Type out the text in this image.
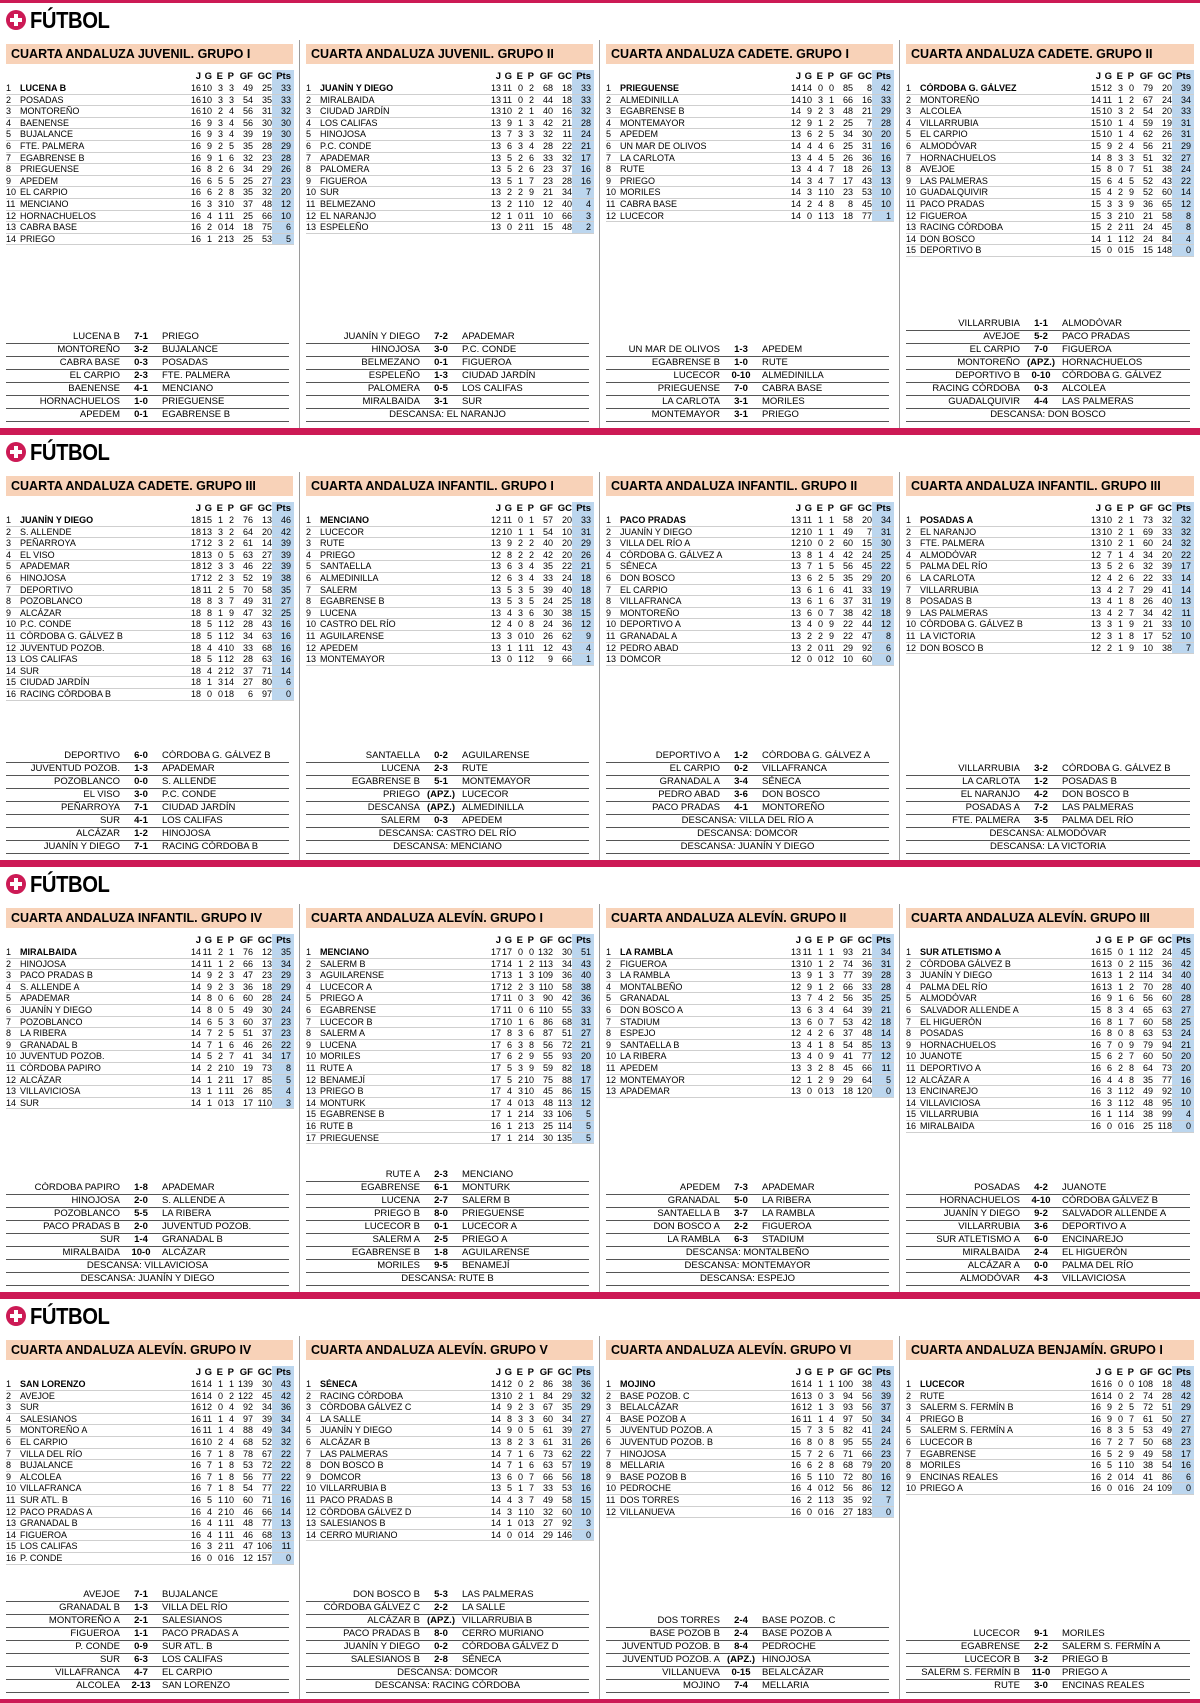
FÚTBOL
CUARTA ANDALUZA JUVENIL. GRUPO I
J G E P GF GC Pts
1 LUCENA B	16 10 3 3 49 25 33
2 POSADAS	16 10 3 3 54 35 33
3 MONTOREÑO	16 10 2 4 56 31 32
4 BAENENSE	16 9 3 4 56 30 30
5 BUJALANCE	16 9 3 4 39 19 30
6 FTE. PALMERA	16 9 2 5 35 28 29
7 EGABRENSE B	16 9 1 6 32 23 28
8 PRIEGUENSE	16 8 2 6 34 29 26
9 APEDEM	16 6 5 5 25 27 23
10 EL CARPIO	16 6 2 8 35 32 20
11 MENCIANO	16 3 3 10 37 48 12
12 HORNACHUELOS	16 4 1 11 25 66 10
13 CABRA BASE	16 2 0 14 18 75	6
14 PRIEGO	16 1 2 13 25 53	5
LUCENA B	7-1	PRIEGO
MONTOREÑO	3-2	BUJALANCE
CABRA BASE	0-3	POSADAS
EL CARPIO	2-3	FTE. PALMERA
BAENENSE	4-1	MENCIANO
HORNACHUELOS	1-0	PRIEGUENSE
APEDEM	0-1	EGABRENSE B
CUARTA ANDALUZA JUVENIL. GRUPO II
J G E P GF GC Pts
1 JUANÍN Y DIEGO	13 11 0 2 68 18 33
2 MIRALBAIDA	13 11 0 2 44 18 33
3 CIUDAD JARDÍN	13 10 2 1 40 16 32
4 LOS CALIFAS	13 9 1 3 42 21 28
5 HINOJOSA	13 7 3 3 32	11 24
6 P.C. CONDE	13 6 3 4 28 22 21
7 APADEMAR	13 5 2 6 33 32 17
8 PALOMERA	13 5 2 6 23 37 16
9 FIGUEROA	13 5 1 7 23 28 16
10 SUR	13 2 2 9 21 34	7
11 BELMEZANO	13 2 1 10 12 40	4
12 EL NARANJO	12 1 0 11 10 66	3
13 ESPELEÑO	13 0 2 11 15 48	2
JUANÍN Y DIEGO	7-2	APADEMAR
HINOJOSA	3-0	P.C. CONDE
BELMEZANO	0-1	FIGUEROA
ESPELEÑO	1-3	CIUDAD JARDÍN
PALOMERA	0-5	LOS CALIFAS
MIRALBAIDA	3-1	SUR
DESCANSA: EL NARANJO
CUARTA ANDALUZA CADETE. GRUPO I
J G E P GF GC Pts
1 PRIEGUENSE	14 14 0 0 85	8 42
2 ALMEDINILLA	14 10 3 1 66 16 33
3 EGABRENSE B	14 9 2 3 48 21 29
4 MONTEMAYOR	12 9 1 2 25	7 28
5 APEDEM	13 6 2 5 34 30 20
6 UN MAR DE OLIVOS	14 4 4 6 25 31 16
7 LA CARLOTA	13 4 4 5 26 36 16
8 RUTE	13 4 4 7 18 26 13
9 PRIEGO	14 3 4 7 17 43 13
10 MORILES	14 3 1 10 23 53 10
11 CABRA BASE	14 2 4 8	8 45 10
12 LUCECOR	14 0 1 13 18 77	1
UN MAR DE OLIVOS	1-3	APEDEM
EGABRENSE B	1-0	RUTE
LUCECOR	0-10	ALMEDINILLA
PRIEGUENSE	7-0	CABRA BASE
LA CARLOTA	3-1	MORILES
MONTEMAYOR	3-1	PRIEGO
CUARTA ANDALUZA CADETE. GRUPO II
J G E P GF GC Pts
1 CÓRDOBA G. GÁLVEZ	15 12 3 0 79 20 39
2 MONTOREÑO	14 11 1 2 67 24 34
3 ALCOLEA	15 10 3 2 54 20 33
4 VILLARRUBIA	15 10 1 4 59 19 31
5 EL CARPIO	15 10 1 4 62 26 31
6 ALMODÓVAR	15 9 2 4 56 21 29
7 HORNACHUELOS	14 8 3 3 51 32 27
8 AVEJOE	15 8 0 7 51 38 24
9 LAS PALMERAS	15 6 4 5 52 43 22
10 GUADALQUIVIR	15 4 2 9 52 60 14
11 PACO PRADAS	15 3 3 9 36 65 12
12 FIGUEROA	15 3 2 10 21 58	8
13 RACING CÓRDOBA	15 2 2 11 24 45	8
14 DON BOSCO	14 1 1 12 24 84	4
15 DEPORTIVO B	15 0 0 15 15 148	0
VILLARRUBIA	1-1	ALMODÓVAR
AVEJOE	5-2	PACO PRADAS
EL CARPIO	7-0	FIGUEROA
MONTOREÑO (APZ.) HORNACHUELOS
DEPORTIVO B	0-10	CÓRDOBA G. GÁLVEZ
RACING CÓRDOBA	0-3	ALCOLEA
GUADALQUIVIR	4-4	LAS PALMERAS
DESCANSA: DON BOSCO
FÚTBOL
CUARTA ANDALUZA CADETE. GRUPO III
J G E P GF GC Pts
1 JUANÍN Y DIEGO	18 15 1 2 76 13 46
2 S. ALLENDE	18 13 3 2 64 20 42
3 PEÑARROYA	17 12 3 2 61 14 39
4 EL VISO	18 13 0 5 63 27 39
5 APADEMAR	18 12 3 3 46 22 39
6 HINOJOSA	17 12 2 3 52 19 38
7 DEPORTIVO	18 11 2 5 70 58 35
8 POZOBLANCO	18 8 3 7 49 31 27
9 ALCÁZAR	18 8 1 9 47 32 25
10 P.C. CONDE	18 5 1 12 28 43 16
11 CÓRDOBA G. GÁLVEZ B	18 5 1 12 34 63 16
12 JUVENTUD POZOB.	18 4 4 10 33 68 16
13 LOS CALIFAS	18 5 1 12 28 63 16
14 SUR	18 4 2 12 37 71 14
15 CIUDAD JARDÍN	18 1 3 14 27 80	6
16 RACING CÓRDOBA B	18 0 0 18	6 97	0
DEPORTIVO	6-0	CÓRDOBA G. GÁLVEZ B
JUVENTUD POZOB.	1-3	APADEMAR
POZOBLANCO	0-0	S. ALLENDE
EL VISO	3-0	P.C. CONDE
PEÑARROYA	7-1	CIUDAD JARDÍN
SUR	4-1	LOS CALIFAS
ALCÁZAR	1-2	HINOJOSA
JUANÍN Y DIEGO	7-1	RACING CÓRDOBA B
CUARTA ANDALUZA INFANTIL. GRUPO I
J G E P GF GC Pts
1 MENCIANO	12 11 0 1 57 20 33
2 LUCECOR	12 10 1 1 54 10 31
3 RUTE	13 9 2 2 40 20 29
4 PRIEGO	12 8 2 2 42 20 26
5 SANTAELLA	13 6 3 4 35 22 21
6 ALMEDINILLA	12 6 3 4 33 24 18
7 SALERM	13 5 3 5 39 40 18
8 EGABRENSE B	13 5 3 5 24 25 18
9 LUCENA	13 4 3 6 30 38 15
10 CASTRO DEL RÍO	12 4 0 8 24 36 12
11 AGUILARENSE	13 3 0 10 26 62	9
12 APEDEM	13 1 1 11 12 43	4
13 MONTEMAYOR	13 0 1 12	9 66	1
SANTAELLA	0-2	AGUILARENSE
LUCENA	2-3	RUTE
EGABRENSE B	5-1	MONTEMAYOR
PRIEGO (APZ.) LUCECOR
DESCANSA (APZ.) ALMEDINILLA
SALERM	0-3	APEDEM
DESCANSA: CASTRO DEL RÍO
DESCANSA: MENCIANO
CUARTA ANDALUZA INFANTIL. GRUPO II
J G E P GF GC Pts
1 PACO PRADAS	13 11 1 1 58 20 34
2 JUANÍN Y DIEGO	12 10 1 1 49	7 31
3 VILLA DEL RÍO A	12 10 0 2 60 15 30
4 CÓRDOBA G. GÁLVEZ A	13 8 1 4 42 24 25
5 SÉNECA	13 7 1 5 56 45 22
6 DON BOSCO	13 6 2 5 35 29 20
7 EL CARPIO	13 6 1 6 41 33 19
8 VILLAFRANCA	13 6 1 6 37 31 19
9 MONTOREÑO	13 6 0 7 38 42 18
10 DEPORTIVO A	13 4 0 9 22 44 12
11 GRANADAL A	13 2 2 9 22 47	8
12 PEDRO ABAD	13 2 0 11 29 92	6
13 DOMCOR	12 0 0 12 10 60	0
DEPORTIVO A	1-2	CÓRDOBA G. GÁLVEZ A
EL CARPIO	0-2	VILLAFRANCA
GRANADAL A	3-4	SÉNECA
PEDRO ABAD	3-6	DON BOSCO
PACO PRADAS	4-1	MONTOREÑO
DESCANSA: VILLA DEL RÍO A
DESCANSA: DOMCOR
DESCANSA: JUANÍN Y DIEGO
CUARTA ANDALUZA INFANTIL. GRUPO III
J G E P GF GC Pts
1 POSADAS A	13 10 2 1 73 32 32
2 EL NARANJO	13 10 2 1 69 33 32
3 FTE. PALMERA	13 10 2 1 60 24 32
4 ALMODÓVAR	12 7 1 4 34 20 22
5 PALMA DEL RÍO	13 5 2 6 32 39 17
6 LA CARLOTA	12 4 2 6 22 33 14
7 VILLARRUBIA	13 4 2 7 29 41 14
8 POSADAS B	13 4 1 8 26 40 13
9 LAS PALMERAS	13 4 2 7 34 42	11
10 CÓRDOBA G. GÁLVEZ B	13 3 1 9 21 33 10
11 LA VICTORIA	12 3 1 8 17 52 10
12 DON BOSCO B	12 2 1 9 10 38	7
VILLARRUBIA	3-2	CÓRDOBA G. GÁLVEZ B
LA CARLOTA	1-2	POSADAS B
EL NARANJO	4-2	DON BOSCO B
POSADAS A	7-2	LAS PALMERAS
FTE. PALMERA	3-5	PALMA DEL RÍO
DESCANSA: ALMODÓVAR
DESCANSA: LA VICTORIA
FÚTBOL
CUARTA ANDALUZA INFANTIL. GRUPO IV
J G E P GF GC Pts
1 MIRALBAIDA	14 11 2 1 76 12 35
2 HINOJOSA	14 11 1 2 66 13 34
3 PACO PRADAS B	14 9 2 3 47 23 29
4 S. ALLENDE A	14 9 2 3 36 18 29
5 APADEMAR	14 8 0 6 60 28 24
6 JUANÍN Y DIEGO	14 8 0 5 49 30 24
7 POZOBLANCO	14 6 5 3 60 37 23
8 LA RIBERA	14 7 2 5 51 37 23
9 GRANADAL B	14 7 1 6 46 26 22
10 JUVENTUD POZOB.	14 5 2 7 41 34 17
11 CÓRDOBA PAPIRO	14 2 2 10 19 73	8
12 ALCÁZAR	14 1 2 11 17 85	5
13 VILLAVICIOSA	13 1 1 11 26 85	4
14 SUR	14 1 0 13 17 110	3
CÓRDOBA PAPIRO	1-8	APADEMAR
HINOJOSA	2-0	S. ALLENDE A
POZOBLANCO	5-5	LA RIBERA
PACO PRADAS B	2-0	JUVENTUD POZOB.
SUR	1-4	GRANADAL B
MIRALBAIDA	10-0	ALCÁZAR
DESCANSA: VILLAVICIOSA
DESCANSA: JUANÍN Y DIEGO
CUARTA ANDALUZA ALEVÍN. GRUPO I
J G E P GF GC Pts
1 MENCIANO	17 17 0 0 132 30 51
2 SALERM B	17 14 1 2 113 34 43
3 AGUILARENSE	17 13 1 3 109 36 40
4 LUCECOR A	17 12 2 3 110 58 38
5 PRIEGO A	17 11 0 3 90 42 36
6 EGABRENSE	17 11 0 6 110 55 33
7 LUCECOR B	17 10 1 6 86 68 31
8 SALERM A	17 8 3 6 87 51 27
9 LUCENA	17 6 3 8 56 72 21
10 MORILES	17 6 2 9 55 93 20
11 RUTE A	17 5 3 9 59 82 18
12 BENAMEJÍ	17 5 2 10 75 88 17
13 PRIEGO B	17 4 3 10 45 86 15
14 MONTURK	17 4 0 13 48 113 12
15 EGABRENSE B	17 1 2 14 33 106	5
16 RUTE B	16 1 2 13 25 114	5
17 PRIEGUENSE	17 1 2 14 30 135	5
RUTE A	2-3	MENCIANO
EGABRENSE	6-1	MONTURK
LUCENA	2-7	SALERM B
PRIEGO B	8-0	PRIEGUENSE
LUCECOR B	0-1	LUCECOR A
SALERM A	2-5	PRIEGO A
EGABRENSE B	1-8	AGUILARENSE
MORILES	9-5	BENAMEJÍ
DESCANSA: RUTE B
CUARTA ANDALUZA ALEVÍN. GRUPO II
J G E P GF GC Pts
1 LA RAMBLA	13 11 1 1 93 21 34
2 FIGUEROA	13 10 1 2 74 36 31
3 LA RAMBLA	13 9 1 3 77 39 28
4 MONTALBEÑO	12 9 1 2 66 33 28
5 GRANADAL	13 7 4 2 56 35 25
6 DON BOSCO A	13 6 3 4 64 39 21
7 STADIUM	13 6 0 7 53 42 18
8 ESPEJO	12 4 2 6 37 48 14
9 SANTAELLA B	13 4 1 8 54 85 13
10 LA RIBERA	13 4 0 9 41 77 12
11 APEDEM	13 3 2 8 45 66	11
12 MONTEMAYOR	12 1 2 9 29 64	5
13 APADEMAR	13 0 0 13 18 120	0
APEDEM	7-3	APADEMAR
GRANADAL	5-0	LA RIBERA
SANTAELLA B	3-7	LA RAMBLA
DON BOSCO A	2-2	FIGUEROA
LA RAMBLA	6-3	STADIUM
DESCANSA: MONTALBEÑO
DESCANSA: MONTEMAYOR
DESCANSA: ESPEJO
CUARTA ANDALUZA ALEVÍN. GRUPO III
J G E P GF GC Pts
1 SUR ATLETISMO A	16 15 0 1 112 24 45
2 CÓRDOBA GÁLVEZ B	16 13 0 2 115 36 42
3 JUANÍN Y DIEGO	16 13 1 2 114 34 40
4 PALMA DEL RÍO	16 13 1 2 70 28 40
5 ALMODÓVAR	16 9 1 6 56 60 28
6 SALVADOR ALLENDE A	15 8 3 4 65 63 27
7 EL HIGUERÓN	16 8 1 7 60 58 25
8 POSADAS	16 8 0 8 63 53 24
9 HORNACHUELOS	16 7 0 9 79 94 21
10 JUANOTE	15 6 2 7 60 50 20
11 DEPORTIVO A	16 6 2 8 64 73 20
12 ALCÁZAR A	16 4 4 8 35 77 16
13 ENCINAREJO	16 3 1 12 49 92 10
14 VILLAVICIOSA	16 3 1 12 48 95 10
15 VILLARRUBIA	16 1 1 14 38 99	4
16 MIRALBAIDA	16 0 0 16 25 118	0
POSADAS	4-2	JUANOTE
HORNACHUELOS	4-10	CÓRDOBA GÁLVEZ B
JUANÍN Y DIEGO	9-2	SALVADOR ALLENDE A
VILLARRUBIA	3-6	DEPORTIVO A
SUR ATLETISMO A	6-0	ENCINAREJO
MIRALBAIDA	2-4	EL HIGUERÓN
ALCÁZAR A	0-0	PALMA DEL RÍO
ALMODÓVAR	4-3	VILLAVICIOSA
FÚTBOL
CUARTA ANDALUZA ALEVÍN. GRUPO IV
J G E P GF GC Pts
1 SAN LORENZO	16 14 1 1 139 30 43
2 AVEJOE	16 14 0 2 122 45 42
3 SUR	16 12 0 4 92 34 36
4 SALESIANOS	16 11 1 4 97 39 34
5 MONTOREÑO A	16 11 1 4 88 49 34
6 EL CARPIO	16 10 2 4 68 52 32
7 VILLA DEL RÍO	16 7 1 8 78 67 22
8 BUJALANCE	16 7 1 8 53 72 22
9 ALCOLEA	16 7 1 8 56 77 22
10 VILLAFRANCA	16 7 1 8 54 77 22
11 SUR ATL. B	16 5 1 10 60 71 16
12 PACO PRADAS A	16 4 2 10 46 66 14
13 GRANADAL B	16 4 1 11 48 77 13
14 FIGUEROA	16 4 1 11 46 68 13
15 LOS CALIFAS	16 3 2 11 47 106	11
16 P. CONDE	16 0 0 16 12 157	0
AVEJOE	7-1	BUJALANCE
GRANADAL B	1-3	VILLA DEL RÍO
MONTOREÑO A	2-1	SALESIANOS
FIGUEROA	1-1	PACO PRADAS A
P. CONDE	0-9	SUR ATL. B
SUR	6-3	LOS CALIFAS
VILLAFRANCA	4-7	EL CARPIO
ALCOLEA	2-13	SAN LORENZO
CUARTA ANDALUZA ALEVÍN. GRUPO V
J G E P GF GC Pts
1 SÉNECA	14 12 0 2 86 38 36
2 RACING CÓRDOBA	13 10 2 1 84 29 32
3 CÓRDOBA GÁLVEZ C	14 9 2 3 67 35 29
4 LA SALLE	14 8 3 3 60 34 27
5 JUANÍN Y DIEGO	14 9 0 5 61 39 27
6 ALCÁZAR B	13 8 2 3 61 31 26
7 LAS PALMERAS	14 7 1 6 73 62 22
8 DON BOSCO B	14 7 1 6 63 57 19
9 DOMCOR	13 6 0 7 66 56 18
10 VILLARRUBIA B	13 5 1 7 33 53 16
11 PACO PRADAS B	14 4 3 7 49 58 15
12 CÓRDOBA GÁLVEZ D	14 3 1 10 32 60 10
13 SALESIANOS B	14 1 0 13 27 92	3
14 CERRO MURIANO	14 0 0 14 29 146	0
DON BOSCO B	5-3	LAS PALMERAS
CÓRDOBA GÁLVEZ C	2-2	LA SALLE
ALCÁZAR B (APZ.) VILLARRUBIA B
PACO PRADAS B	8-0	CERRO MURIANO
JUANÍN Y DIEGO	0-2	CÓRDOBA GÁLVEZ D
SALESIANOS B	2-8	SÉNECA
DESCANSA: DOMCOR
DESCANSA: RACING CÓRDOBA
CUARTA ANDALUZA ALEVÍN. GRUPO VI
J G E P GF GC Pts
1 MOJINO	16 14 1 1 100 38 43
2 BASE POZOB. C	16 13 0 3 94 56 39
3 BELALCÁZAR	16 12 1 3 93 56 37
4 BASE POZOB A	16 11 1 4 97 50 34
5 JUVENTUD POZOB. A	15 7 3 5 82 41 24
6 JUVENTUD POZOB. B	16 8 0 8 95 55 24
7 HINOJOSA	15 7 2 6 71 66 23
8 MELLARIA	16 6 2 8 68 79 20
9 BASE POZOB B	16 5 1 10 72 80 16
10 PEDROCHE	16 4 0 12 56 86 12
11 DOS TORRES	16 2 1 13 35 92	7
12 VILLANUEVA	16 0 0 16 27 183	0
DOS TORRES	2-4	BASE POZOB. C
BASE POZOB B	2-4	BASE POZOB A
JUVENTUD POZOB. B	8-4	PEDROCHE
JUVENTUD POZOB. A (APZ.) HINOJOSA
VILLANUEVA	0-15	BELALCÁZAR
MOJINO	7-4	MELLARIA
CUARTA ANDALUZA BENJAMÍN. GRUPO I
J G E P GF GC Pts
1 LUCECOR	16 16 0 0 108 18 48
2 RUTE	16 14 0 2 74 28 42
3 SALERM S. FERMÍN B	16 9 2 5 72 51 29
4 PRIEGO B	16 9 0 7 61 50 27
5 SALERM S. FERMÍN A	16 8 3 5 53 49 27
6 LUCECOR B	16 7 2 7 50 68 23
7 EGABRENSE	16 5 2 9 49 58 17
8 MORILES	16 5 1 10 38 54 16
9 ENCINAS REALES	16 2 0 14 41 86	6
10 PRIEGO A	16 0 0 16 24 109	0
LUCECOR	9-1	MORILES
EGABRENSE	2-2	SALERM S. FERMÍN A
LUCECOR B	3-2	PRIEGO B
SALERM S. FERMÍN B	11-0	PRIEGO A
RUTE	3-0	ENCINAS REALES
